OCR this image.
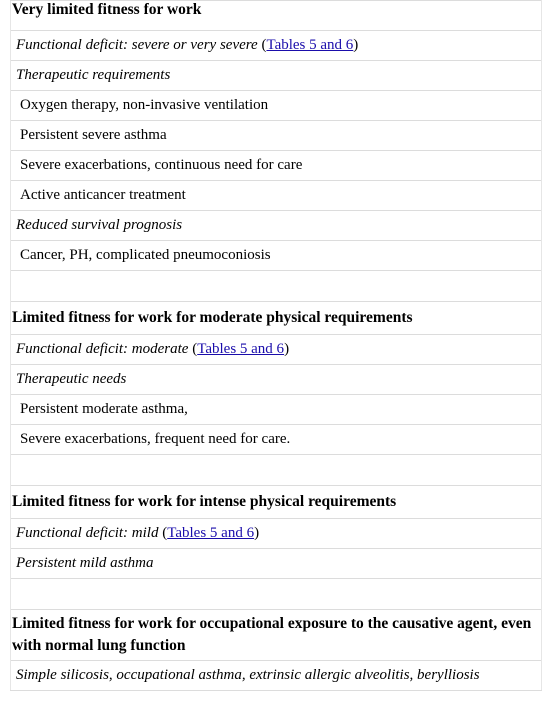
Very limited fitness for work
Functional deficit: severe or very severe (Tables 5 and 6)
Therapeutic requirements
Oxygen therapy, non-invasive ventilation
Persistent severe asthma
Severe exacerbations, continuous need for care
Active anticancer treatment
Reduced survival prognosis
Cancer, PH, complicated pneumoconiosis

Limited fitness for work for moderate physical requirements
Functional deficit: moderate (Tables 5 and 6)
Therapeutic needs
Persistent moderate asthma,
Severe exacerbations, frequent need for care.

Limited fitness for work for intense physical requirements
Functional deficit: mild (Tables 5 and 6)
Persistent mild asthma

Limited fitness for work for occupational exposure to the causative agent, even with normal lung function
Simple silicosis, occupational asthma, extrinsic allergic alveolitis, berylliosis
